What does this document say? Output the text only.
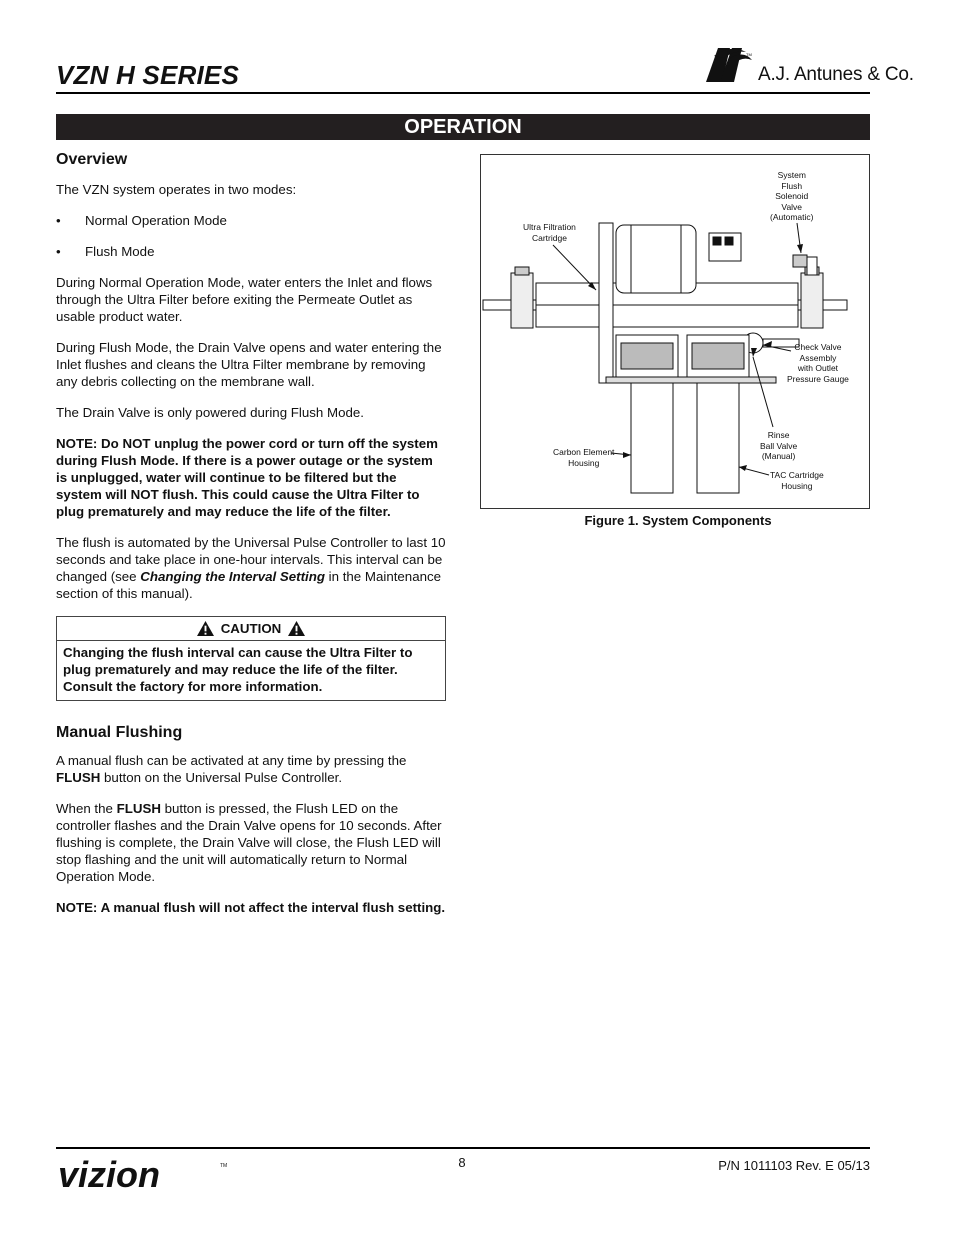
VZN H SERIES
TM
A.J. Antunes & Co.
OPERATION
Overview

The VZN system operates in two modes:

• Normal Operation Mode
• Flush Mode

During Normal Operation Mode, water enters the Inlet and flows through the Ultra Filter before exiting the Permeate Outlet as usable product water.

During Flush Mode, the Drain Valve opens and water entering the Inlet flushes and cleans the Ultra Filter membrane by removing any debris collecting on the membrane wall.

The Drain Valve is only powered during Flush Mode.

NOTE: Do NOT unplug the power cord or turn off the system during Flush Mode. If there is a power outage or the system is unplugged, water will continue to be filtered but the system will NOT flush. This could cause the Ultra Filter to plug prematurely and may reduce the life of the filter.

The flush is automated by the Universal Pulse Controller to last 10 seconds and take place in one-hour intervals. This interval can be changed (see Changing the Interval Setting in the Maintenance section of this manual).

CAUTION
Changing the flush interval can cause the Ultra Filter to plug prematurely and may reduce the life of the filter. Consult the factory for more information.
Manual Flushing

A manual flush can be activated at any time by pressing the FLUSH button on the Universal Pulse Controller.

When the FLUSH button is pressed, the Flush LED on the controller flashes and the Drain Valve opens for 10 seconds. After flushing is complete, the Drain Valve will close, the Flush LED will stop flashing and the unit will automatically return to Normal Operation Mode.

NOTE: A manual flush will not affect the interval flush setting.

System
Flush
Solenoid
Valve
(Automatic)
Ultra Filtration
Cartridge
Check Valve
Assembly
with Outlet
Pressure Gauge
Rinse
Ball Valve
(Manual)
Carbon Element
Housing
TAC Cartridge
Housing
Figure 1. System Components
vizion	TM	8	P/N 1011103 Rev. E 05/13
